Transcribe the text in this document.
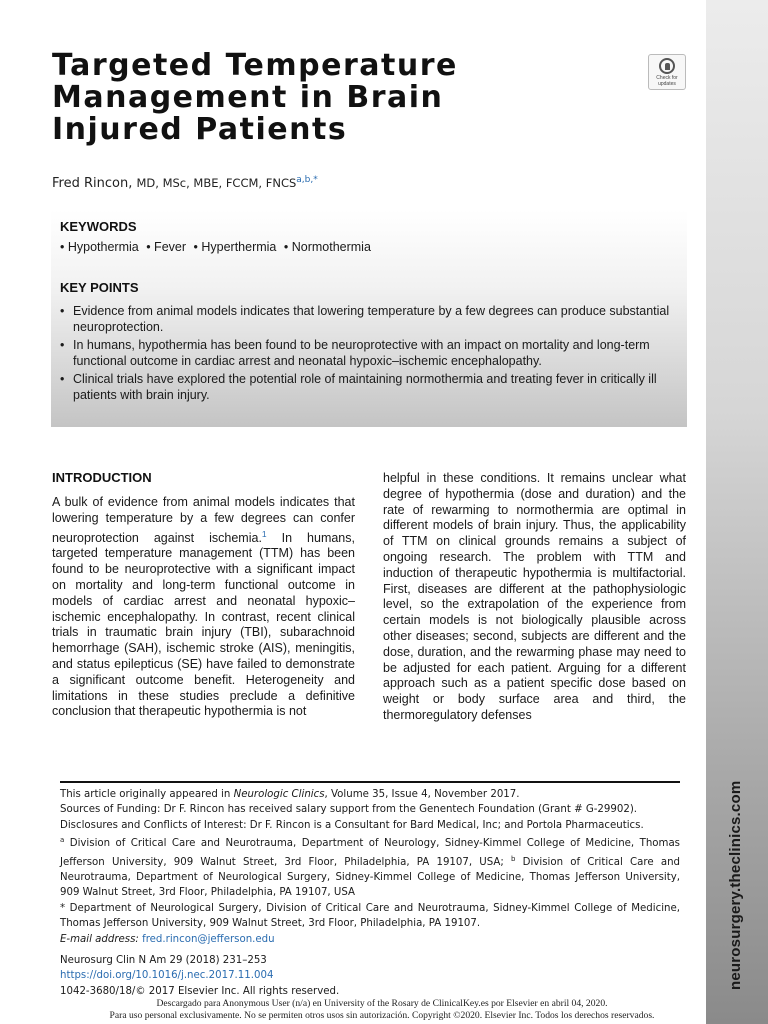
neurosurgery.theclinics.com
Targeted Temperature
Management in Brain
Injured Patients
Check for
updates
Fred Rincon, MD, MSc, MBE, FCCM, $FNCS^{a,b,*}$
KEYWORDS
• Hypothermia • Fever • Hyperthermia • Normothermia
KEY POINTS
• Evidence from animal models indicates that lowering temperature by a few degrees can produce substantial neuroprotection.
• In humans, hypothermia has been found to be neuroprotective with an impact on mortality and long-term functional outcome in cardiac arrest and neonatal hypoxic–ischemic encephalopathy.
• Clinical trials have explored the potential role of maintaining normothermia and treating fever in critically ill patients with brain injury.
INTRODUCTION
A bulk of evidence from animal models indicates that lowering temperature by a few degrees can confer neuroprotection against ischemia.$^1$ In humans, targeted temperature management (TTM) has been found to be neuroprotective with a significant impact on mortality and long-term functional outcome in models of cardiac arrest and neonatal hypoxic–ischemic encephalopathy. In contrast, recent clinical trials in traumatic brain injury (TBI), subarachnoid hemorrhage (SAH), ischemic stroke (AIS), meningitis, and status epilepticus (SE) have failed to demonstrate a significant outcome benefit. Heterogeneity and limitations in these studies preclude a definitive conclusion that therapeutic hypothermia is not
helpful in these conditions. It remains unclear what degree of hypothermia (dose and duration) and the rate of rewarming to normothermia are optimal in different models of brain injury. Thus, the applicability of TTM on clinical grounds remains a subject of ongoing research. The problem with TTM and induction of therapeutic hypothermia is multifactorial. First, diseases are different at the pathophysiologic level, so the extrapolation of the experience from certain models is not biologically plausible across other diseases; second, subjects are different and the dose, duration, and the rewarming phase may need to be adjusted for each patient. Arguing for a different approach such as a patient specific dose based on weight or body surface area and third, the thermoregulatory defenses

This article originally appeared in Neurologic Clinics, Volume 35, Issue 4, November 2017.

Sources of Funding: Dr F. Rincon has received salary support from the Genentech Foundation (Grant # G-29902).

Disclosures and Conflicts of Interest: Dr F. Rincon is a Consultant for Bard Medical, Inc; and Portola Pharmaceutics.

$^a$ Division of Critical Care and Neurotrauma, Department of Neurology, Sidney-Kimmel College of Medicine, Thomas Jefferson University, 909 Walnut Street, 3rd Floor, Philadelphia, PA 19107, USA; $^b$ Division of Critical Care and Neurotrauma, Department of Neurological Surgery, Sidney-Kimmel College of Medicine, Thomas Jefferson University, 909 Walnut Street, 3rd Floor, Philadelphia, PA 19107, USA

* Department of Neurological Surgery, Division of Critical Care and Neurotrauma, Sidney-Kimmel College of Medicine, Thomas Jefferson University, 909 Walnut Street, 3rd Floor, Philadelphia, PA 19107.

E-mail address: fred.rincon@jefferson.edu

Neurosurg Clin N Am 29 (2018) 231–253
https://doi.org/10.1016/j.nec.2017.11.004
1042-3680/18/© 2017 Elsevier Inc. All rights reserved.
Descargado para Anonymous User (n/a) en University of the Rosary de ClinicalKey.es por Elsevier en abril 04, 2020.
Para uso personal exclusivamente. No se permiten otros usos sin autorización. Copyright ©2020. Elsevier Inc. Todos los derechos reservados.
